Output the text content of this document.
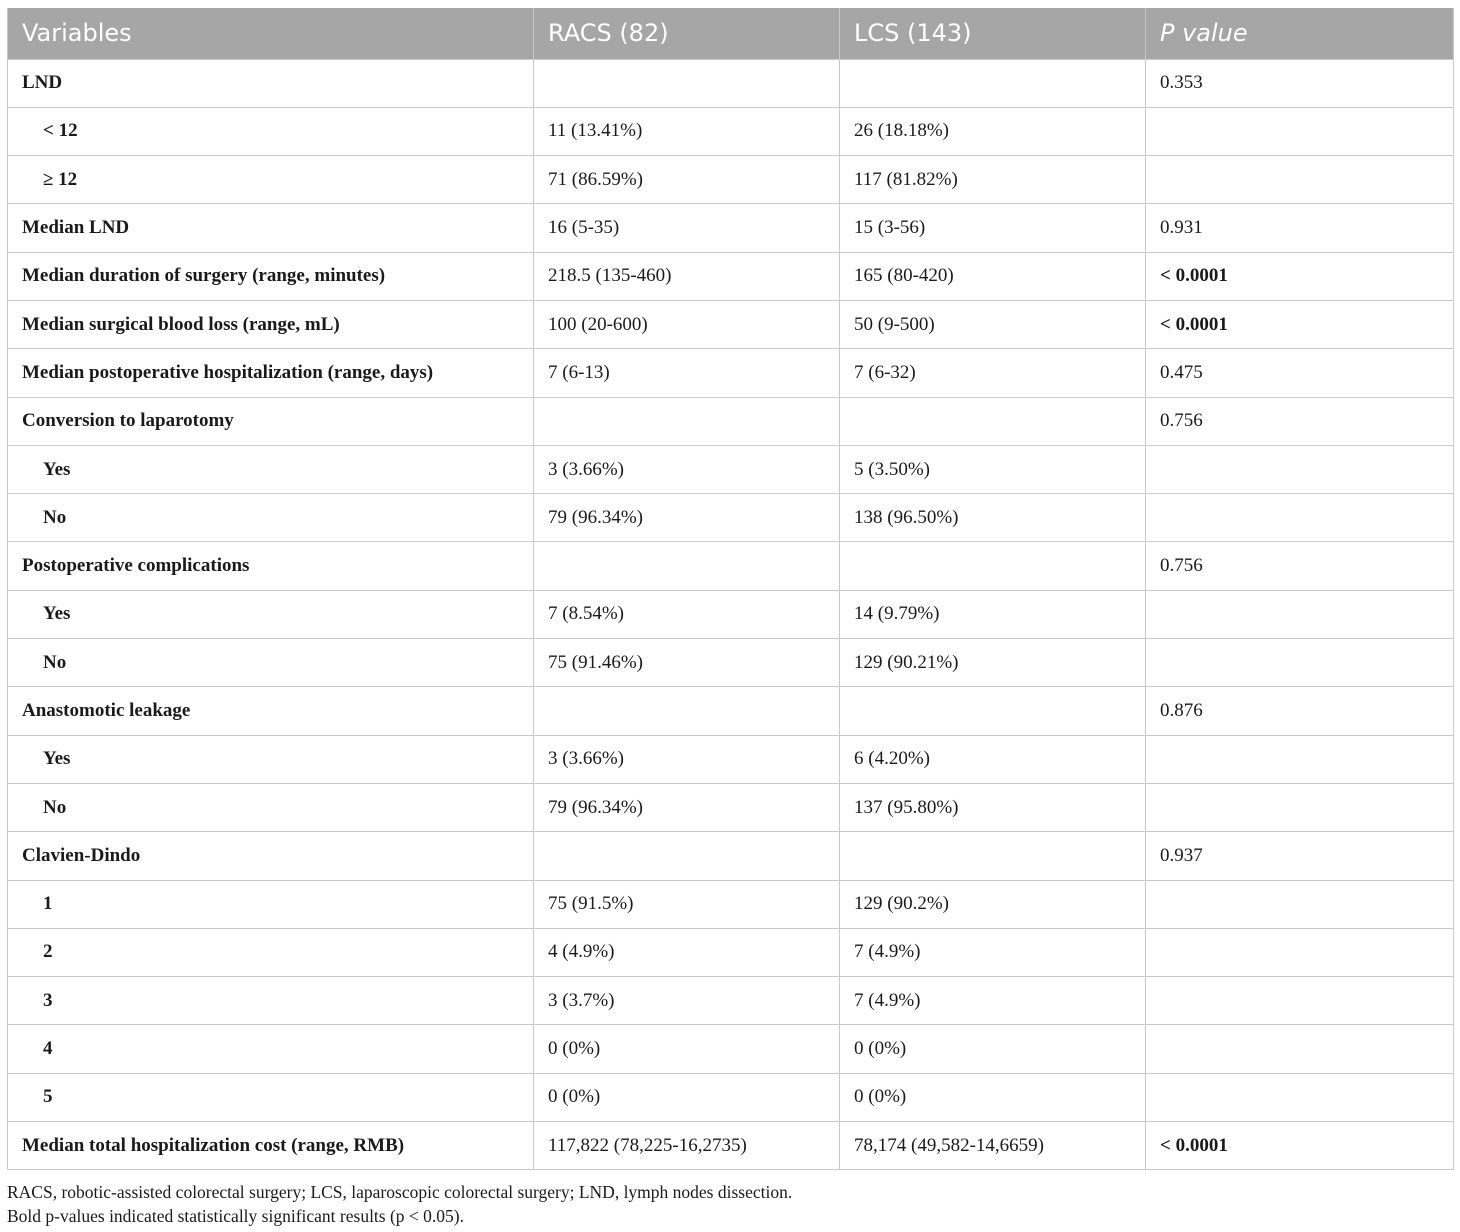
Variables	RACS (82)	LCS (143)	P value
LND			0.353
< 12	11 (13.41%)	26 (18.18%)	
≥ 12	71 (86.59%)	117 (81.82%)	
Median LND	16 (5-35)	15 (3-56)	0.931
Median duration of surgery (range, minutes)	218.5 (135-460)	165 (80-420)	< 0.0001
Median surgical blood loss (range, mL)	100 (20-600)	50 (9-500)	< 0.0001
Median postoperative hospitalization (range, days)	7 (6-13)	7 (6-32)	0.475
Conversion to laparotomy			0.756
Yes	3 (3.66%)	5 (3.50%)	
No	79 (96.34%)	138 (96.50%)	
Postoperative complications			0.756
Yes	7 (8.54%)	14 (9.79%)	
No	75 (91.46%)	129 (90.21%)	
Anastomotic leakage			0.876
Yes	3 (3.66%)	6 (4.20%)	
No	79 (96.34%)	137 (95.80%)	
Clavien-Dindo			0.937
1	75 (91.5%)	129 (90.2%)	
2	4 (4.9%)	7 (4.9%)	
3	3 (3.7%)	7 (4.9%)	
4	0 (0%)	0 (0%)	
5	0 (0%)	0 (0%)	
Median total hospitalization cost (range, RMB)	117,822 (78,225-16,2735)	78,174 (49,582-14,6659)	< 0.0001
RACS, robotic-assisted colorectal surgery; LCS, laparoscopic colorectal surgery; LND, lymph nodes dissection.
Bold p-values indicated statistically significant results (p < 0.05).
